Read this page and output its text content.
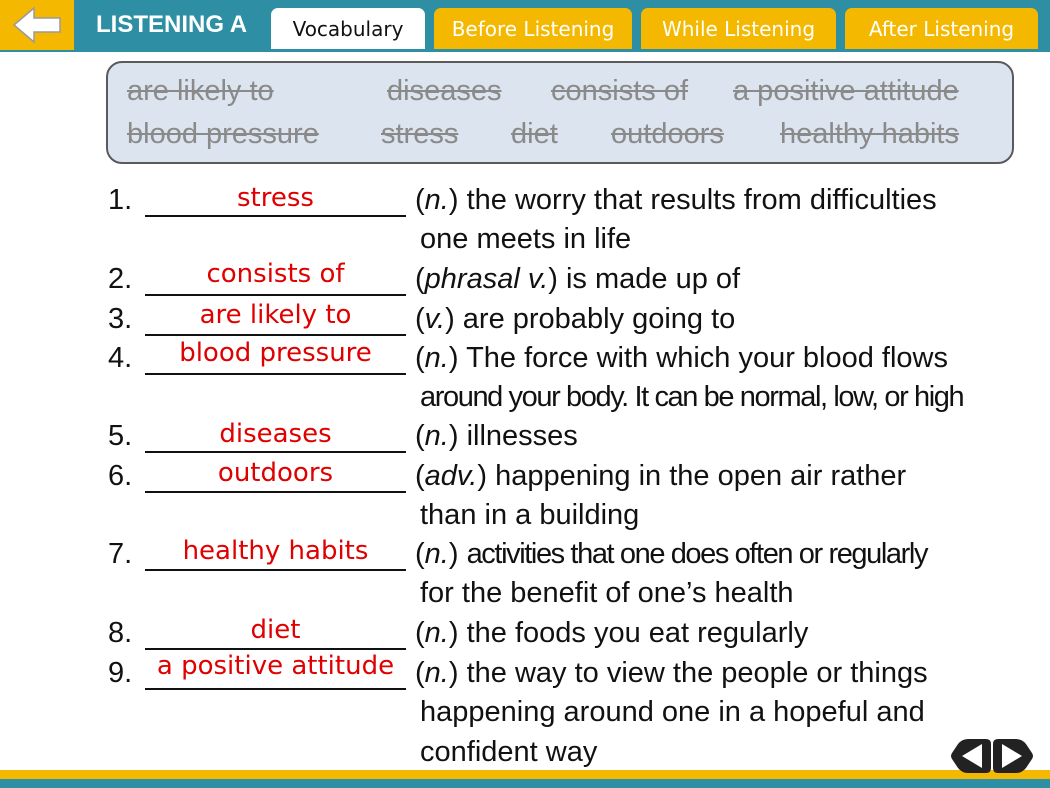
LISTENING A	Vocabulary	Before Listening	While Listening	After Listening
are likely to	diseases consists of a positive attitude
blood pressure stress diet outdoors healthy habits
1.	stress	(n.) the worry that results from difficulties
one meets in life
2.	consists of	(phrasal v.) is made up of
3.	are likely to	(v.) are probably going to
4.	blood pressure	(n.) The force with which your blood flows
around your body. It can be normal, low, or high
5.	diseases	(n.) illnesses
6.	outdoors	(adv.) happening in the open air rather
than in a building
7.	healthy habits	(n.) activities that one does often or regularly
for the benefit of one’s health
8.	diet	(n.) the foods you eat regularly
9. a positive attitude (n.) the way to view the people or things
happening around one in a hopeful and
confident way
